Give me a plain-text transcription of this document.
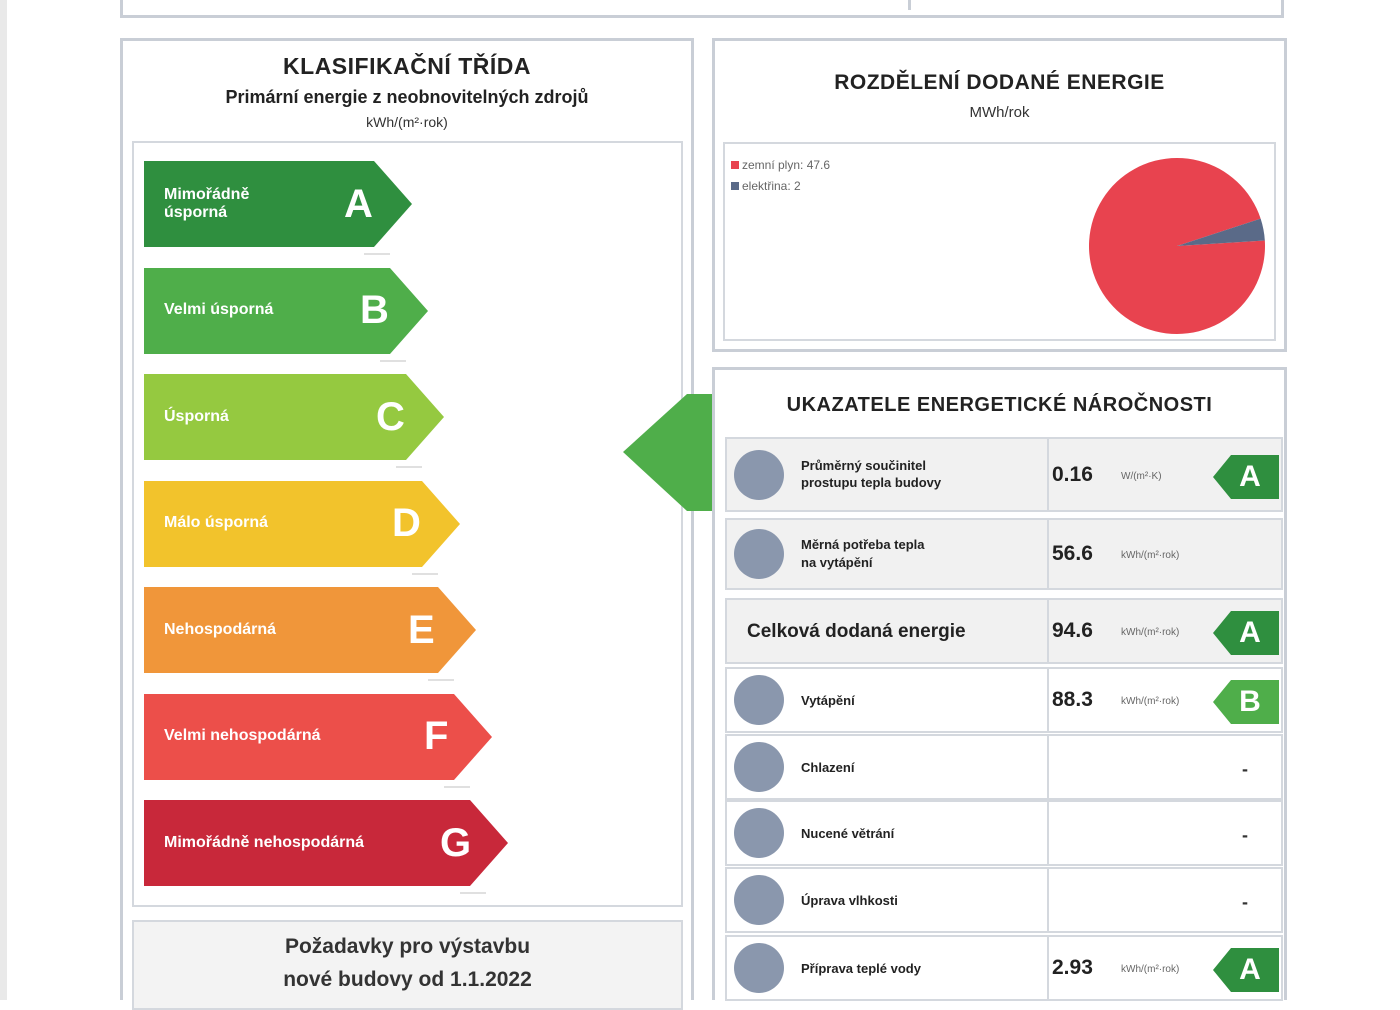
KLASIFIKAČNÍ TŘÍDA
Primární energie z neobnovitelných zdrojů
kWh/(m²·rok)
Mimořádně úsporná	A
Velmi úsporná	B
Úsporná	C
Málo úsporná	D
Nehospodárná	E
Velmi nehospodárná	F
Mimořádně nehospodárná	G
Požadavky pro výstavbu
nové budovy od 1.1.2022
ROZDĚLENÍ DODANÉ ENERGIE
MWh/rok
zemní plyn: 47.6
elektřina: 2
UKAZATELE ENERGETICKÉ NÁROČNOSTI
Průměrný součinitel
prostupu tepla budovy	0.16	W/(m²·K)	A
Měrná potřeba tepla
na vytápění	56.6	kWh/(m²·rok)
Celková dodaná energie	94.6	kWh/(m²·rok)	A
Vytápění	88.3	kWh/(m²·rok)	B
Chlazení	-
Nucené větrání	-
Úprava vlhkosti	-
Příprava teplé vody	2.93	kWh/(m²·rok)	A
